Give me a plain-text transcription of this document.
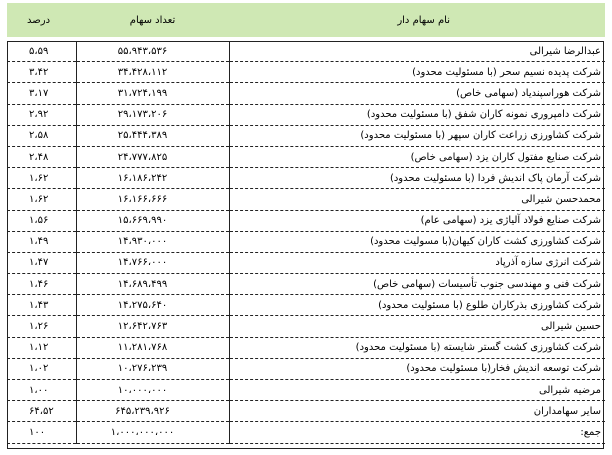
نام سهام دار	تعداد سهام	درصد

عبدالرضا شیرالی	۵۵،۹۴۳،۵۳۶	۵،۵۹
شرکت پدیده نسیم سحر (با مسئولیت محدود)	۳۴،۴۲۸،۱۱۲	۳،۴۲
شرکت هوراسپندیاد (سهامی خاص)	۳۱،۷۲۴،۱۹۹	۳،۱۷
شرکت دامپروری نمونه کاران شفق (با مسئولیت محدود)	۲۹،۱۷۳،۲۰۶	۲،۹۲
شرکت کشاورزی زراعت کاران سپهر (با مسئولیت محدود)	۲۵،۴۴۴،۳۸۹	۲،۵۸
شرکت صنایع مفتول کاران یزد (سهامی خاص)	۲۴،۷۷۷،۸۲۵	۲،۴۸
شرکت آرمان پاک اندیش فردا (با مسئولیت محدود)	۱۶،۱۸۶،۲۴۲	۱،۶۲
محمدحسن شیرالی	۱۶،۱۶۶،۶۶۶	۱،۶۲
شرکت صنایع فولاد آلیاژی یزد (سهامی عام)	۱۵،۶۶۹،۹۹۰	۱،۵۶
شرکت کشاورزی کشت کاران کیهان(با مسولیت محدود)	۱۴،۹۳۰،۰۰۰	۱،۴۹
شرکت انرژی سازه آذرپاد	۱۴،۷۶۶،۰۰۰	۱،۴۷
شرکت فنی و مهندسی جنوب تأسیسات (سهامی خاص)	۱۴،۶۸۹،۴۹۹	۱،۴۶
شرکت کشاورزی بذرکاران طلوع (با مسئولیت محدود)	۱۴،۲۷۵،۶۴۰	۱،۴۳
حسین شیرالی	۱۲،۶۴۲،۷۶۳	۱،۲۶
شرکت کشاورزی کشت گستر شایسته (با مسئولیت محدود)	۱۱،۲۸۱،۷۶۸	۱،۱۲
شرکت توسعه اندیش فخار(با مسئولیت محدود)	۱۰،۲۷۶،۲۳۹	۱،۰۲
مرضیه شیرالی	۱۰،۰۰۰،۰۰۰	۱،۰۰
سایر سهامداران	۶۴۵،۲۳۹،۹۲۶	۶۴،۵۲
جمع:	۱،۰۰۰،۰۰۰،۰۰۰	۱۰۰
